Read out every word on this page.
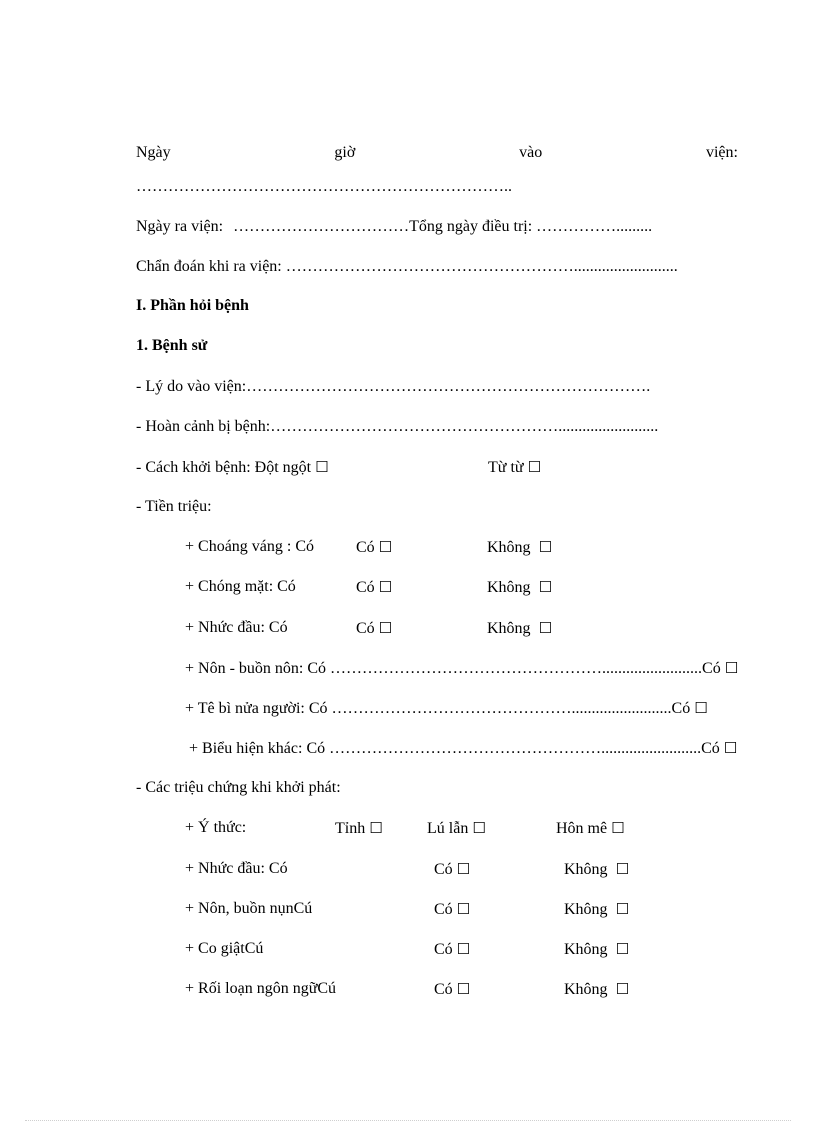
Ngày	giờ	vào	viện:
……………………………………………………………..
Ngày ra viện: ……………………………Tổng ngày điều trị: …………….........
Chẩn đoán khi ra viện: ………………………………………………..........................
I. Phần hỏi bệnh
1. Bệnh sử
- Lý do vào viện:………………………………………………………………….
- Hoàn cảnh bị bệnh:……………………………………………….........................
- Cách khởi bệnh: Đột ngột ☐	Từ từ ☐
- Tiền triệu:
+ Choáng váng : Có	Có ☐	Không ☐
+ Chóng mặt: Có	Có ☐	Không ☐
+ Nhức đầu: Có	Có ☐	Không ☐
+ Nôn - buồn nôn: Có …………………………………………….........................Có ☐
+ Tê bì nửa người: Có ……………………………………….........................Có ☐
+ Biểu hiện khác: Có …………………………………………….........................Có ☐
- Các triệu chứng khi khởi phát:
+ Ý thức:	Tỉnh ☐	Lú lẫn ☐	Hôn mê ☐
+ Nhức đầu: Có	Có ☐	Không ☐
+ Nôn, buồn nụnCú	Có ☐	Không ☐
+ Co giậtCú	Có ☐	Không ☐
+ Rối loạn ngôn ngữCú	Có ☐	Không ☐
